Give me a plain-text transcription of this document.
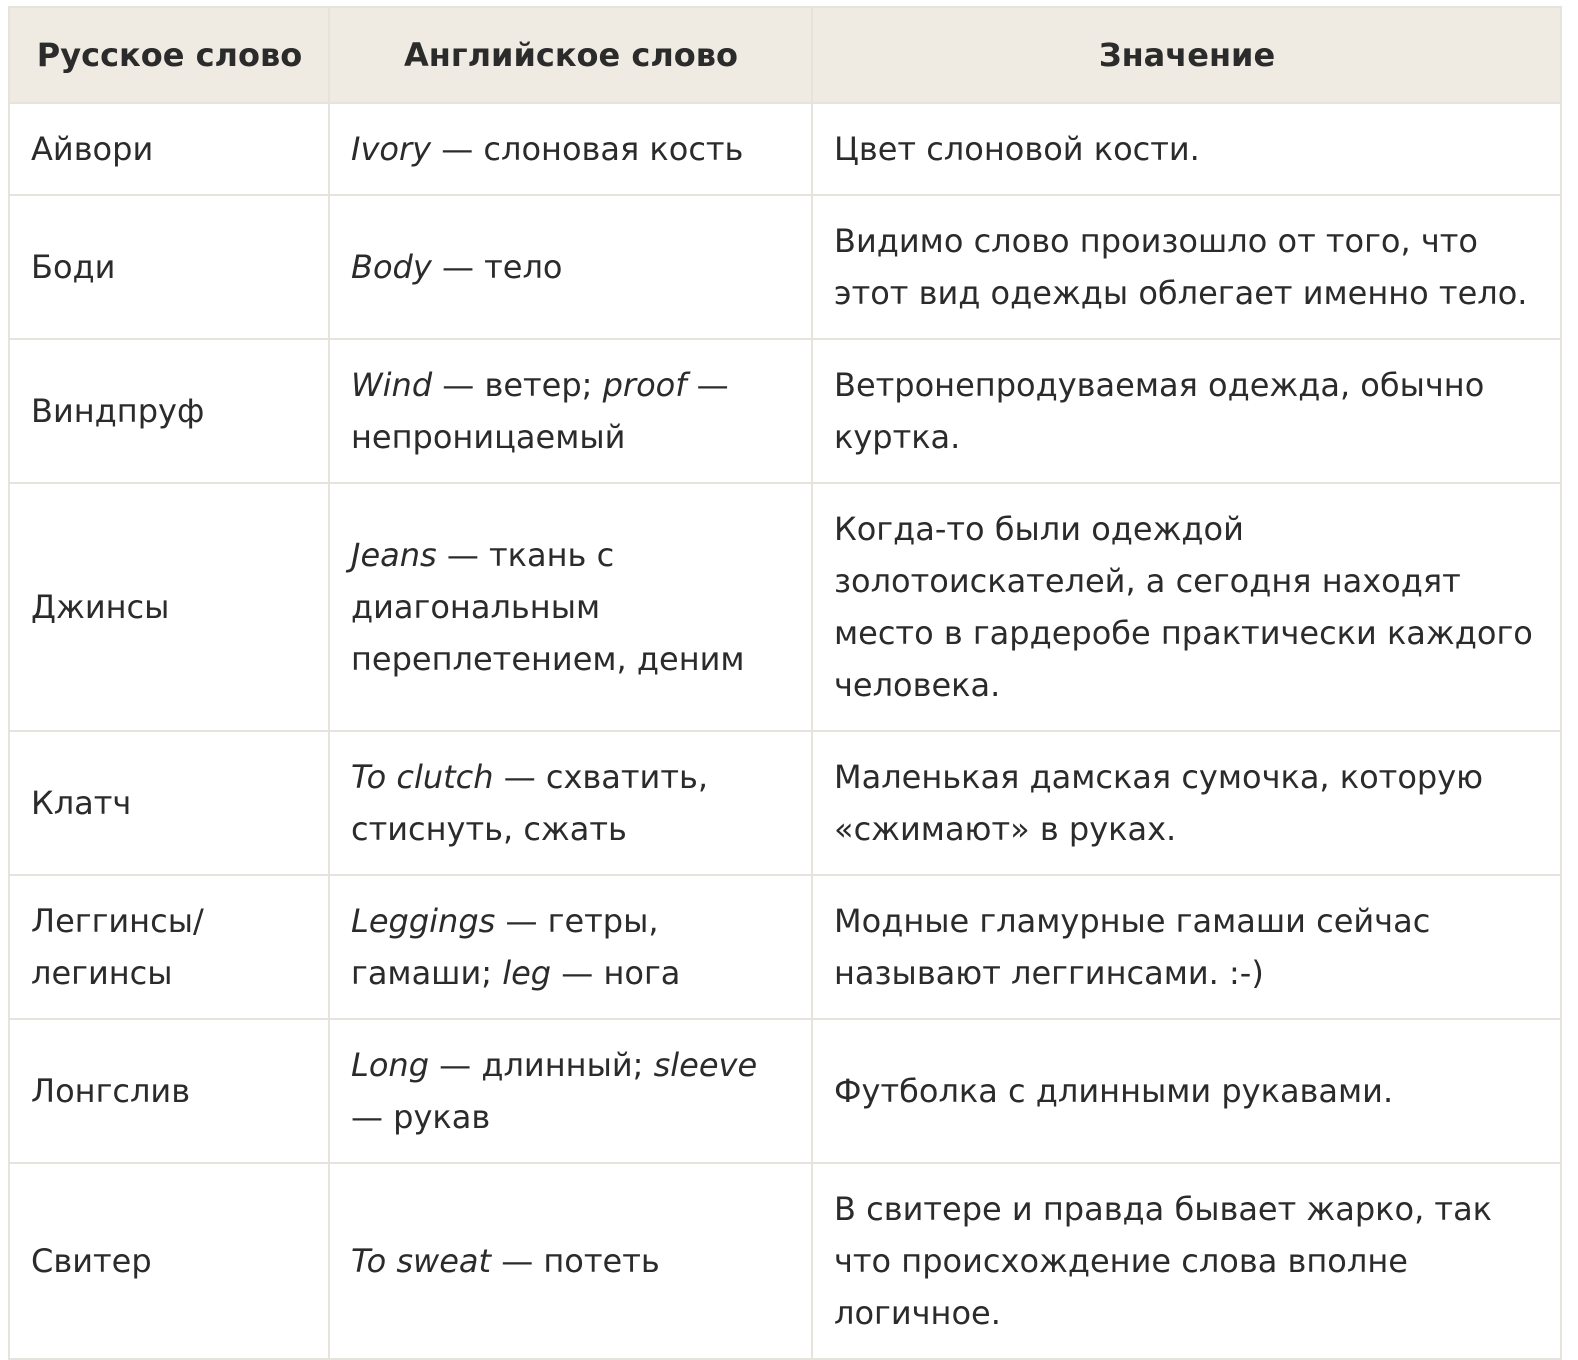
Русское слово	Английское слово	Значение
Айвори	Ivory — слоновая кость	Цвет слоновой кости.
Боди	Body — тело	Видимо слово произошло от того, что этот вид одежды облегает именно тело.
Виндпруф	Wind — ветер; proof — непроницаемый	Ветронепродуваемая одежда, обычно куртка.
Джинсы	Jeans — ткань с диагональным переплетением, деним	Когда-то были одеждой золотоискателей, а сегодня находят место в гардеробе практически каждого человека.
Клатч	To clutch — схватить, стиснуть, сжать	Маленькая дамская сумочка, которую «сжимают» в руках.
Леггинсы/ легинсы	Leggings — гетры, гамаши; leg — нога	Модные гламурные гамаши сейчас называют леггинсами. :-)
Лонгслив	Long — длинный; sleeve — рукав	Футболка с длинными рукавами.
Свитер	To sweat — потеть	В свитере и правда бывает жарко, так что происхождение слова вполне логичное.
